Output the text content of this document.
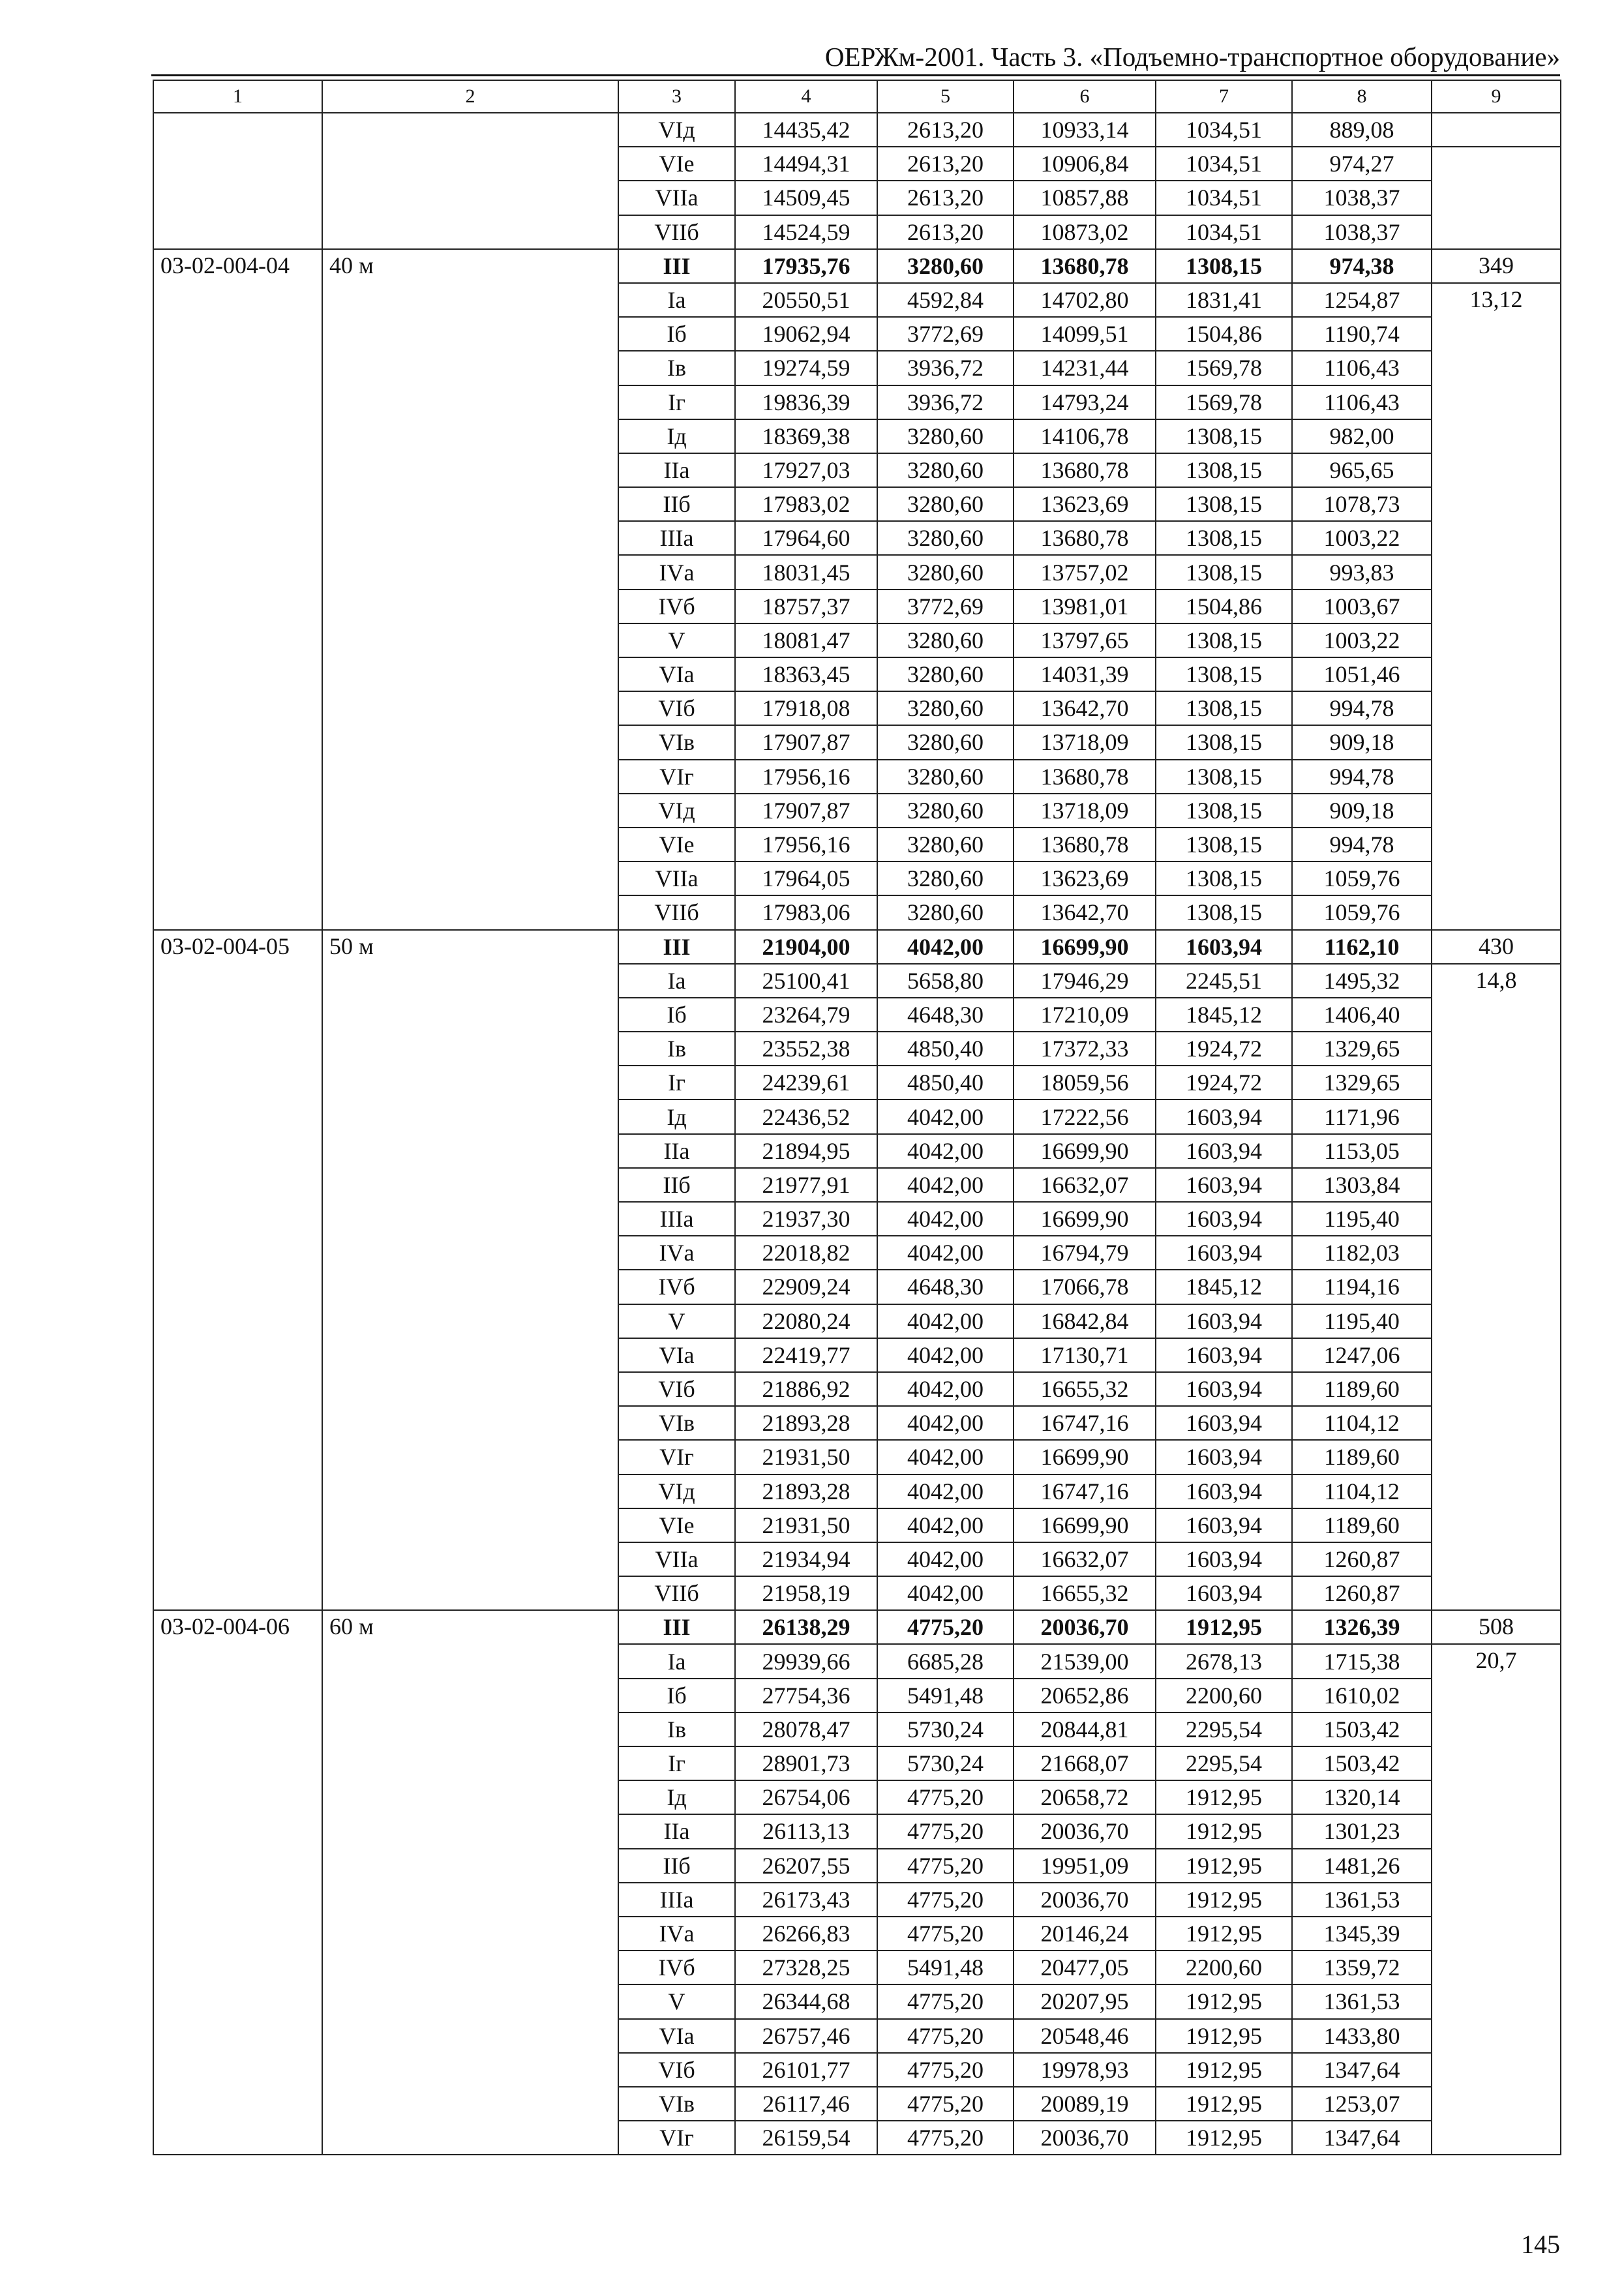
ОЕРЖм-2001. Часть 3. «Подъемно-транспортное оборудование»
1	2	3	4	5	6	7	8	9
		VIд	14435,42	2613,20	10933,14	1034,51	889,08	
		VIе	14494,31	2613,20	10906,84	1034,51	974,27	
		VIIа	14509,45	2613,20	10857,88	1034,51	1038,37	
		VIIб	14524,59	2613,20	10873,02	1034,51	1038,37	
03-02-004-04	40 м	III	17935,76	3280,60	13680,78	1308,15	974,38	349
		Iа	20550,51	4592,84	14702,80	1831,41	1254,87	13,12
		Iб	19062,94	3772,69	14099,51	1504,86	1190,74	
		Iв	19274,59	3936,72	14231,44	1569,78	1106,43	
		Iг	19836,39	3936,72	14793,24	1569,78	1106,43	
		Iд	18369,38	3280,60	14106,78	1308,15	982,00	
		IIа	17927,03	3280,60	13680,78	1308,15	965,65	
		IIб	17983,02	3280,60	13623,69	1308,15	1078,73	
		IIIа	17964,60	3280,60	13680,78	1308,15	1003,22	
		IVа	18031,45	3280,60	13757,02	1308,15	993,83	
		IVб	18757,37	3772,69	13981,01	1504,86	1003,67	
		V	18081,47	3280,60	13797,65	1308,15	1003,22	
		VIа	18363,45	3280,60	14031,39	1308,15	1051,46	
		VIб	17918,08	3280,60	13642,70	1308,15	994,78	
		VIв	17907,87	3280,60	13718,09	1308,15	909,18	
		VIг	17956,16	3280,60	13680,78	1308,15	994,78	
		VIд	17907,87	3280,60	13718,09	1308,15	909,18	
		VIе	17956,16	3280,60	13680,78	1308,15	994,78	
		VIIа	17964,05	3280,60	13623,69	1308,15	1059,76	
		VIIб	17983,06	3280,60	13642,70	1308,15	1059,76	
03-02-004-05	50 м	III	21904,00	4042,00	16699,90	1603,94	1162,10	430
		Iа	25100,41	5658,80	17946,29	2245,51	1495,32	14,8
		Iб	23264,79	4648,30	17210,09	1845,12	1406,40	
		Iв	23552,38	4850,40	17372,33	1924,72	1329,65	
		Iг	24239,61	4850,40	18059,56	1924,72	1329,65	
		Iд	22436,52	4042,00	17222,56	1603,94	1171,96	
		IIа	21894,95	4042,00	16699,90	1603,94	1153,05	
		IIб	21977,91	4042,00	16632,07	1603,94	1303,84	
		IIIа	21937,30	4042,00	16699,90	1603,94	1195,40	
		IVа	22018,82	4042,00	16794,79	1603,94	1182,03	
		IVб	22909,24	4648,30	17066,78	1845,12	1194,16	
		V	22080,24	4042,00	16842,84	1603,94	1195,40	
		VIа	22419,77	4042,00	17130,71	1603,94	1247,06	
		VIб	21886,92	4042,00	16655,32	1603,94	1189,60	
		VIв	21893,28	4042,00	16747,16	1603,94	1104,12	
		VIг	21931,50	4042,00	16699,90	1603,94	1189,60	
		VIд	21893,28	4042,00	16747,16	1603,94	1104,12	
		VIе	21931,50	4042,00	16699,90	1603,94	1189,60	
		VIIа	21934,94	4042,00	16632,07	1603,94	1260,87	
		VIIб	21958,19	4042,00	16655,32	1603,94	1260,87	
03-02-004-06	60 м	III	26138,29	4775,20	20036,70	1912,95	1326,39	508
		Iа	29939,66	6685,28	21539,00	2678,13	1715,38	20,7
		Iб	27754,36	5491,48	20652,86	2200,60	1610,02	
		Iв	28078,47	5730,24	20844,81	2295,54	1503,42	
		Iг	28901,73	5730,24	21668,07	2295,54	1503,42	
		Iд	26754,06	4775,20	20658,72	1912,95	1320,14	
		IIа	26113,13	4775,20	20036,70	1912,95	1301,23	
		IIб	26207,55	4775,20	19951,09	1912,95	1481,26	
		IIIа	26173,43	4775,20	20036,70	1912,95	1361,53	
		IVа	26266,83	4775,20	20146,24	1912,95	1345,39	
		IVб	27328,25	5491,48	20477,05	2200,60	1359,72	
		V	26344,68	4775,20	20207,95	1912,95	1361,53	
		VIа	26757,46	4775,20	20548,46	1912,95	1433,80	
		VIб	26101,77	4775,20	19978,93	1912,95	1347,64	
		VIв	26117,46	4775,20	20089,19	1912,95	1253,07	
		VIг	26159,54	4775,20	20036,70	1912,95	1347,64	
145
